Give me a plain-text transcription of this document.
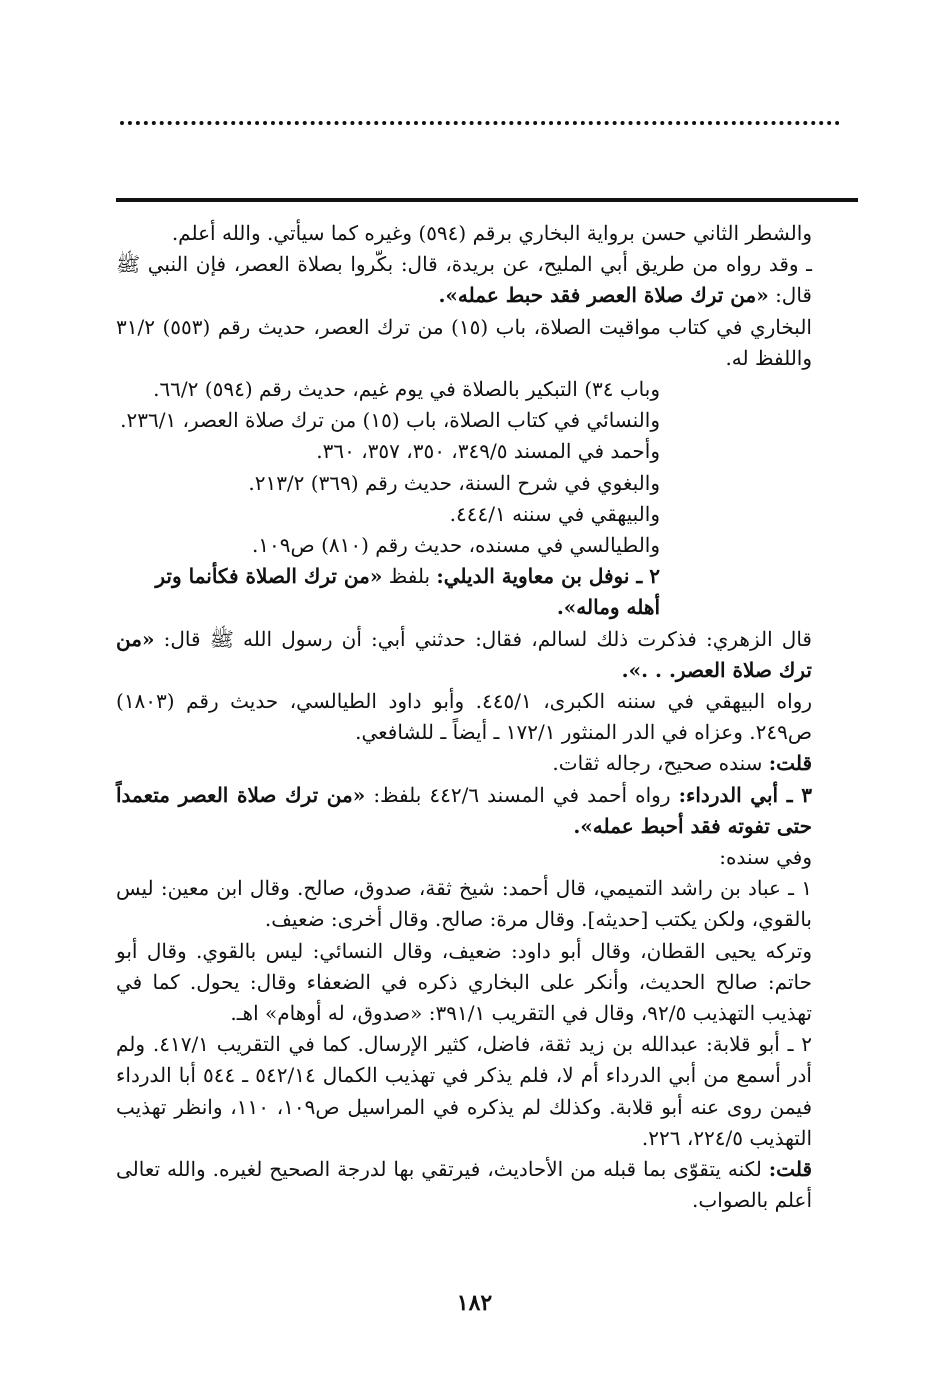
والشطر الثاني حسن برواية البخاري برقم (٥٩٤) وغيره كما سيأتي. والله أعلم.

ـ وقد رواه من طريق أبي المليح، عن بريدة، قال: بكّروا بصلاة العصر، فإن النبي ﷺ قال: «من ترك صلاة العصر فقد حبط عمله».

البخاري في كتاب مواقيت الصلاة، باب (١٥) من ترك العصر، حديث رقم (٥٥٣) ٣١/٢ واللفظ له.

وباب ٣٤) التبكير بالصلاة في يوم غيم، حديث رقم (٥٩٤) ٦٦/٢.

والنسائي في كتاب الصلاة، باب (١٥) من ترك صلاة العصر، ٢٣٦/١.

وأحمد في المسند ٣٤٩/٥، ٣٥٠، ٣٥٧، ٣٦٠.

والبغوي في شرح السنة، حديث رقم (٣٦٩) ٢١٣/٢.

والبيهقي في سننه ٤٤٤/١.

والطيالسي في مسنده، حديث رقم (٨١٠) ص١٠٩.

٢ ـ نوفل بن معاوية الديلي: بلفظ «من ترك الصلاة فكأنما وتر أهله وماله».

قال الزهري: فذكرت ذلك لسالم، فقال: حدثني أبي: أن رسول الله ﷺ قال: «من ترك صلاة العصر. . .».

رواه البيهقي في سننه الكبرى، ٤٤٥/١. وأبو داود الطيالسي، حديث رقم (١٨٠٣) ص٢٤٩. وعزاه في الدر المنثور ١٧٢/١ ـ أيضاً ـ للشافعي.

قلت: سنده صحيح، رجاله ثقات.

٣ ـ أبي الدرداء: رواه أحمد في المسند ٤٤٢/٦ بلفظ: «من ترك صلاة العصر متعمداً حتى تفوته فقد أحبط عمله».

وفي سنده:

١ ـ عباد بن راشد التميمي، قال أحمد: شيخ ثقة، صدوق، صالح. وقال ابن معين: ليس بالقوي، ولكن يكتب [حديثه]. وقال مرة: صالح. وقال أخرى: ضعيف.

وتركه يحيى القطان، وقال أبو داود: ضعيف، وقال النسائي: ليس بالقوي. وقال أبو حاتم: صالح الحديث، وأنكر على البخاري ذكره في الضعفاء وقال: يحول. كما في تهذيب التهذيب ٩٢/٥، وقال في التقريب ٣٩١/١: «صدوق، له أوهام» اهـ.

٢ ـ أبو قلابة: عبدالله بن زيد ثقة، فاضل، كثير الإرسال. كما في التقريب ٤١٧/١. ولم أدر أسمع من أبي الدرداء أم لا، فلم يذكر في تهذيب الكمال ٥٤٢/١٤ ـ ٥٤٤ أبا الدرداء فيمن روى عنه أبو قلابة. وكذلك لم يذكره في المراسيل ص١٠٩، ١١٠، وانظر تهذيب التهذيب ٢٢٤/٥، ٢٢٦.

قلت: لكنه يتقوّى بما قبله من الأحاديث، فيرتقي بها لدرجة الصحيح لغيره. والله تعالى أعلم بالصواب.

١٨٢
